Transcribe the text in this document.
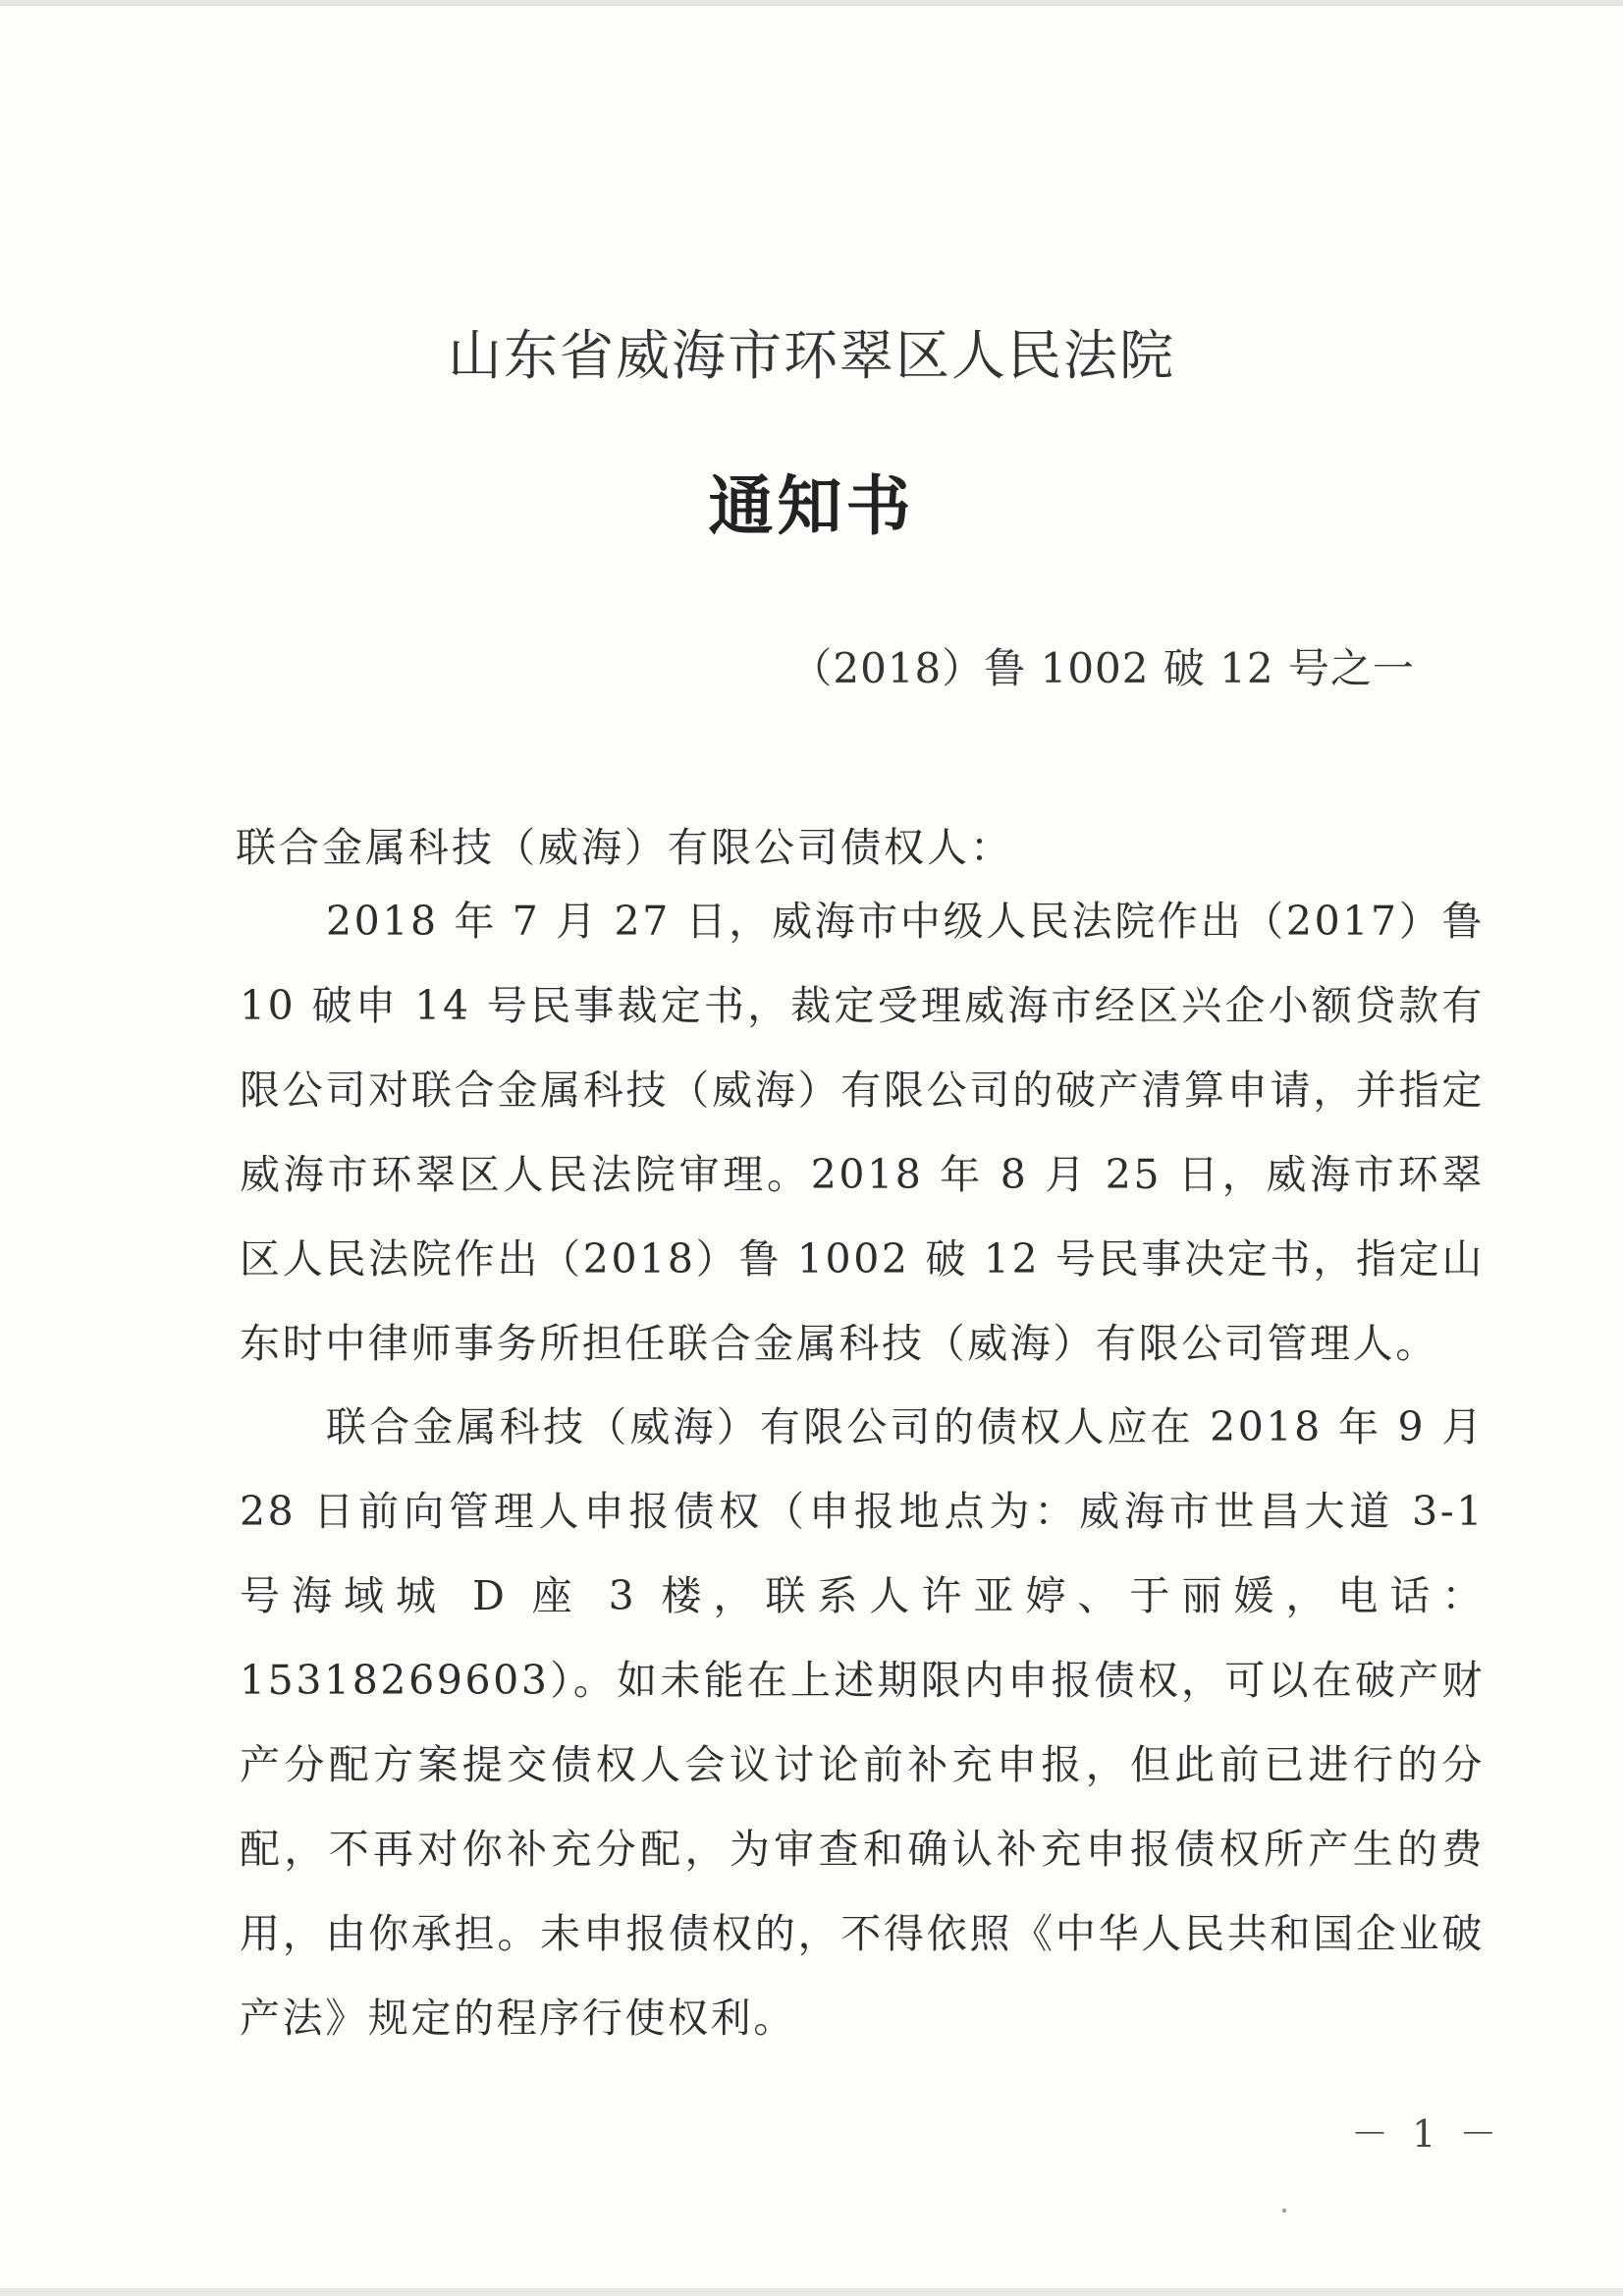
山东省威海市环翠区人民法院
通知书
（2018）鲁 1002 破 12 号之一
联合金属科技（威海）有限公司债权人：

2018 年 7 月 27 日，威海市中级人民法院作出（2017）鲁 10 破申 14 号民事裁定书，裁定受理威海市经区兴企小额贷款有限公司对联合金属科技（威海）有限公司的破产清算申请，并指定威海市环翠区人民法院审理。2018 年 8 月 25 日，威海市环翠区人民法院作出（2018）鲁 1002 破 12 号民事决定书，指定山东时中律师事务所担任联合金属科技（威海）有限公司管理人。

联合金属科技（威海）有限公司的债权人应在 2018 年 9 月 28 日前向管理人申报债权（申报地点为：威海市世昌大道 3-1 号海域城 D 座 3 楼，联系人许亚婷、于丽媛，电话：15318269603）。如未能在上述期限内申报债权，可以在破产财产分配方案提交债权人会议讨论前补充申报，但此前已进行的分配，不再对你补充分配，为审查和确认补充申报债权所产生的费用，由你承担。未申报债权的，不得依照《中华人民共和国企业破产法》规定的程序行使权利。

－ 1 －
